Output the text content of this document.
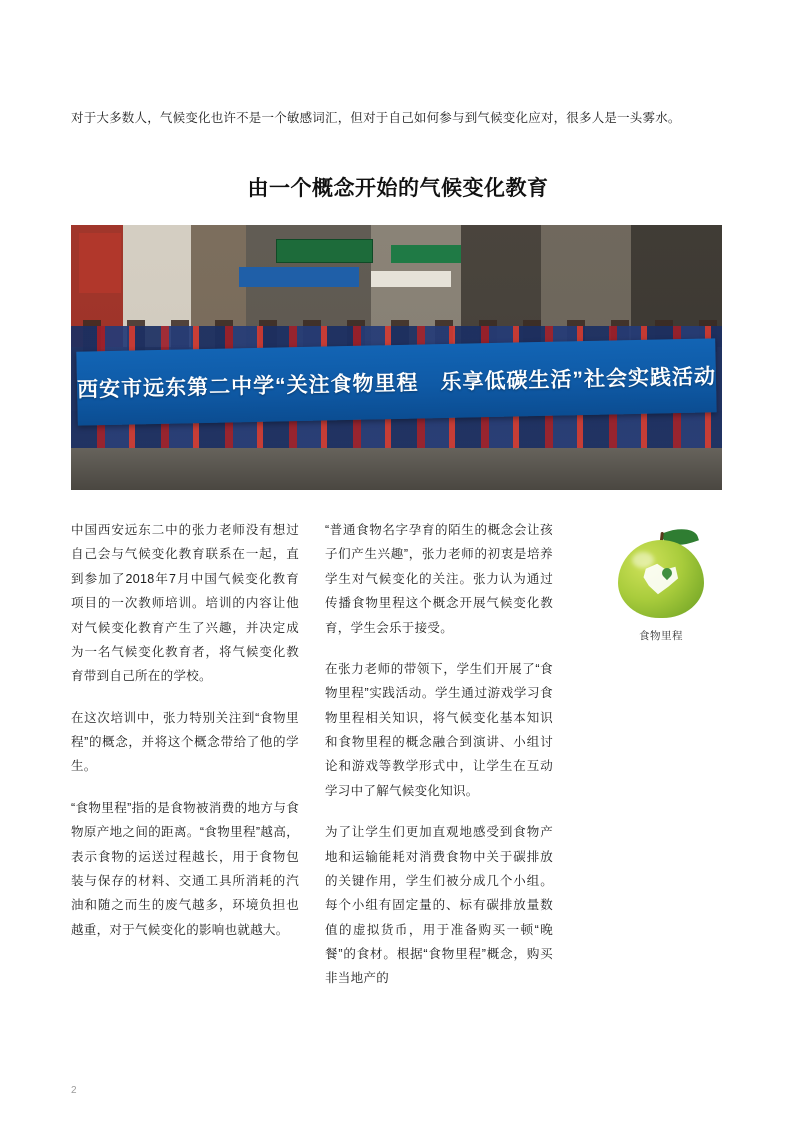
对于大多数人，气候变化也许不是一个敏感词汇，但对于自己如何参与到气候变化应对，很多人是一头雾水。
由一个概念开始的气候变化教育
西安市远东第二中学“关注食物里程　乐享低碳生活”社会实践活动

中国西安远东二中的张力老师没有想过自己会与气候变化教育联系在一起，直到参加了2018年7月中国气候变化教育项目的一次教师培训。培训的内容让他对气候变化教育产生了兴趣，并决定成为一名气候变化教育者，将气候变化教育带到自己所在的学校。

在这次培训中，张力特别关注到“食物里程”的概念，并将这个概念带给了他的学生。

“食物里程”指的是食物被消费的地方与食物原产地之间的距离。“食物里程”越高，表示食物的运送过程越长，用于食物包装与保存的材料、交通工具所消耗的汽油和随之而生的废气越多，环境负担也越重，对于气候变化的影响也就越大。

“普通食物名字孕育的陌生的概念会让孩子们产生兴趣”，张力老师的初衷是培养学生对气候变化的关注。张力认为通过传播食物里程这个概念开展气候变化教育，学生会乐于接受。

在张力老师的带领下，学生们开展了“食物里程”实践活动。学生通过游戏学习食物里程相关知识，将气候变化基本知识和食物里程的概念融合到演讲、小组讨论和游戏等教学形式中，让学生在互动学习中了解气候变化知识。

为了让学生们更加直观地感受到食物产地和运输能耗对消费食物中关于碳排放的关键作用，学生们被分成几个小组。每个小组有固定量的、标有碳排放量数值的虚拟货币，用于准备购买一顿“晚餐”的食材。根据“食物里程”概念，购买非当地产的

食物里程
2
